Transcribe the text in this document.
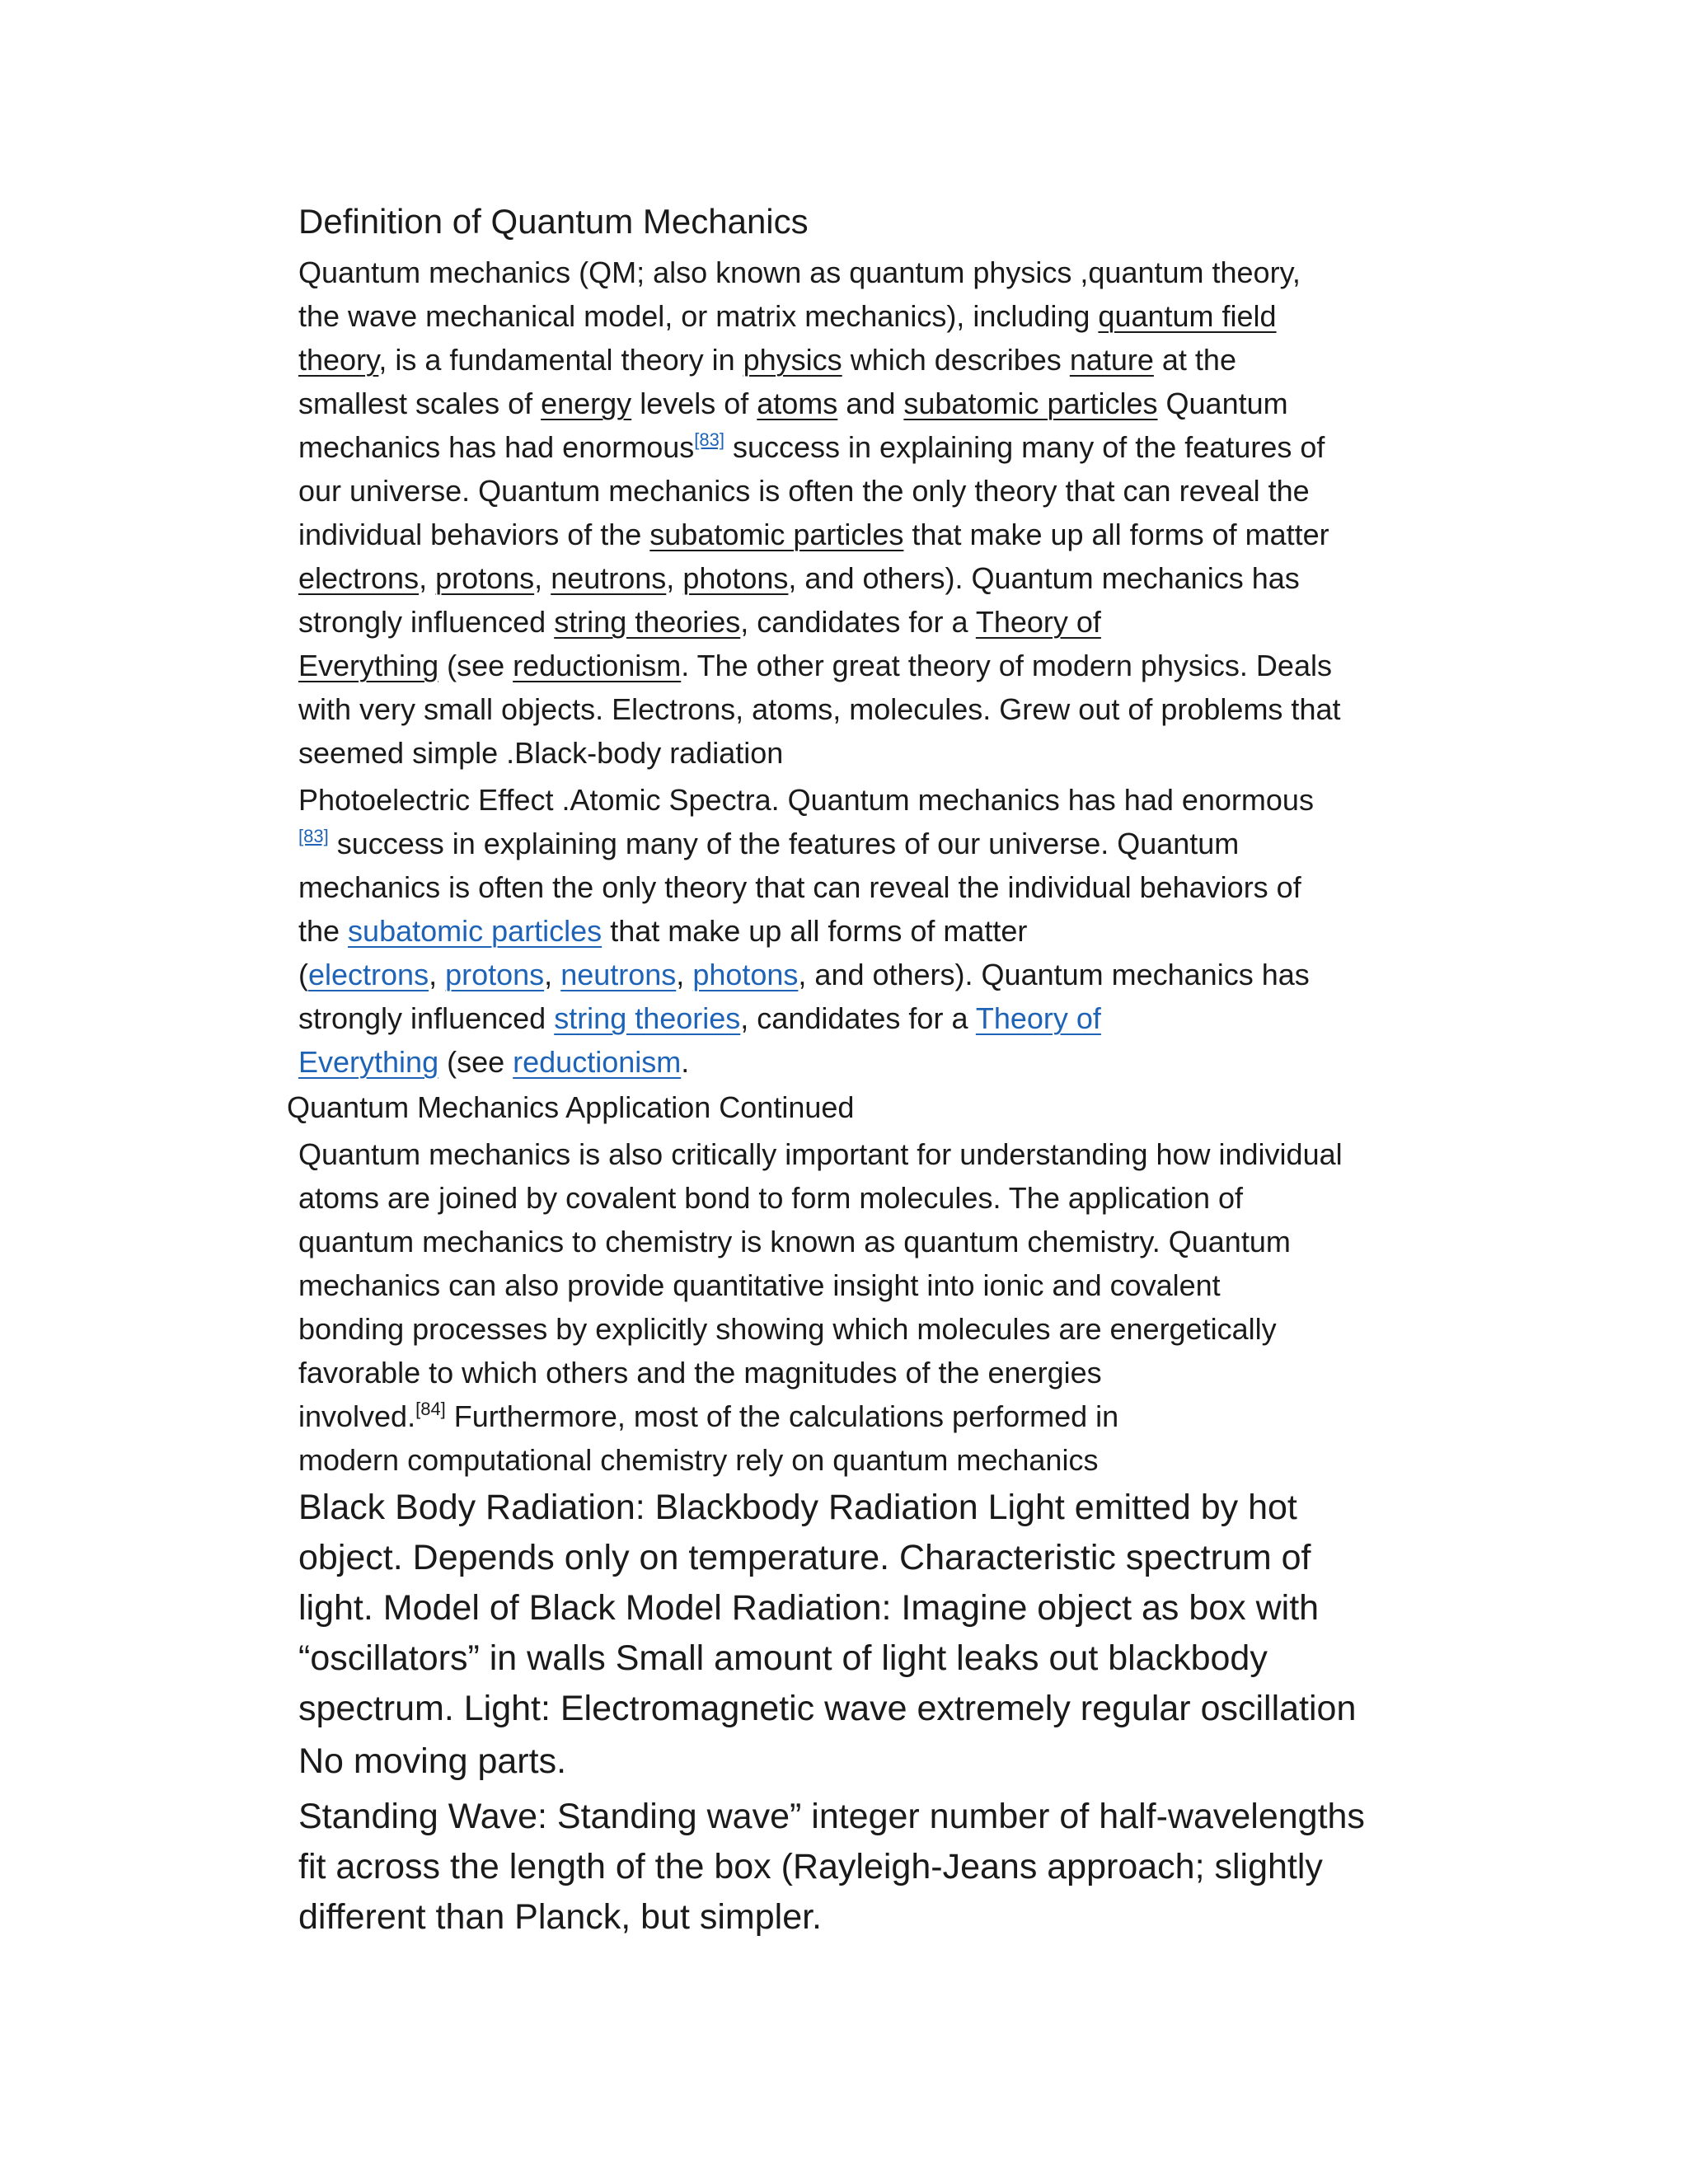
Definition of Quantum Mechanics
Quantum mechanics (QM; also known as quantum physics ,quantum theory,
the wave mechanical model, or matrix mechanics), including quantum field
theory, is a fundamental theory in physics which describes nature at the
smallest scales of energy levels of atoms and subatomic particles Quantum
mechanics has had enormous[83] success in explaining many of the features of
our universe. Quantum mechanics is often the only theory that can reveal the
individual behaviors of the subatomic particles that make up all forms of matter
electrons, protons, neutrons, photons, and others). Quantum mechanics has
strongly influenced string theories, candidates for a Theory of
Everything (see reductionism. The other great theory of modern physics. Deals
with very small objects. Electrons, atoms, molecules. Grew out of problems that
seemed simple .Black-body radiation
Photoelectric Effect .Atomic Spectra. Quantum mechanics has had enormous
[83] success in explaining many of the features of our universe. Quantum
mechanics is often the only theory that can reveal the individual behaviors of
the subatomic particles that make up all forms of matter
(electrons, protons, neutrons, photons, and others). Quantum mechanics has
strongly influenced string theories, candidates for a Theory of
Everything (see reductionism.
Quantum Mechanics Application Continued
Quantum mechanics is also critically important for understanding how individual
atoms are joined by covalent bond to form molecules. The application of
quantum mechanics to chemistry is known as quantum chemistry. Quantum
mechanics can also provide quantitative insight into ionic and covalent
bonding processes by explicitly showing which molecules are energetically
favorable to which others and the magnitudes of the energies
involved.[84] Furthermore, most of the calculations performed in
modern computational chemistry rely on quantum mechanics
Black Body Radiation: Blackbody Radiation Light emitted by hot
object. Depends only on temperature. Characteristic spectrum of
light. Model of Black Model Radiation: Imagine object as box with
“oscillators” in walls Small amount of light leaks out blackbody
spectrum. Light: Electromagnetic wave extremely regular oscillation
No moving parts.
Standing Wave: Standing wave” integer number of half-wavelengths
fit across the length of the box (Rayleigh-Jeans approach; slightly
different than Planck, but simpler.
